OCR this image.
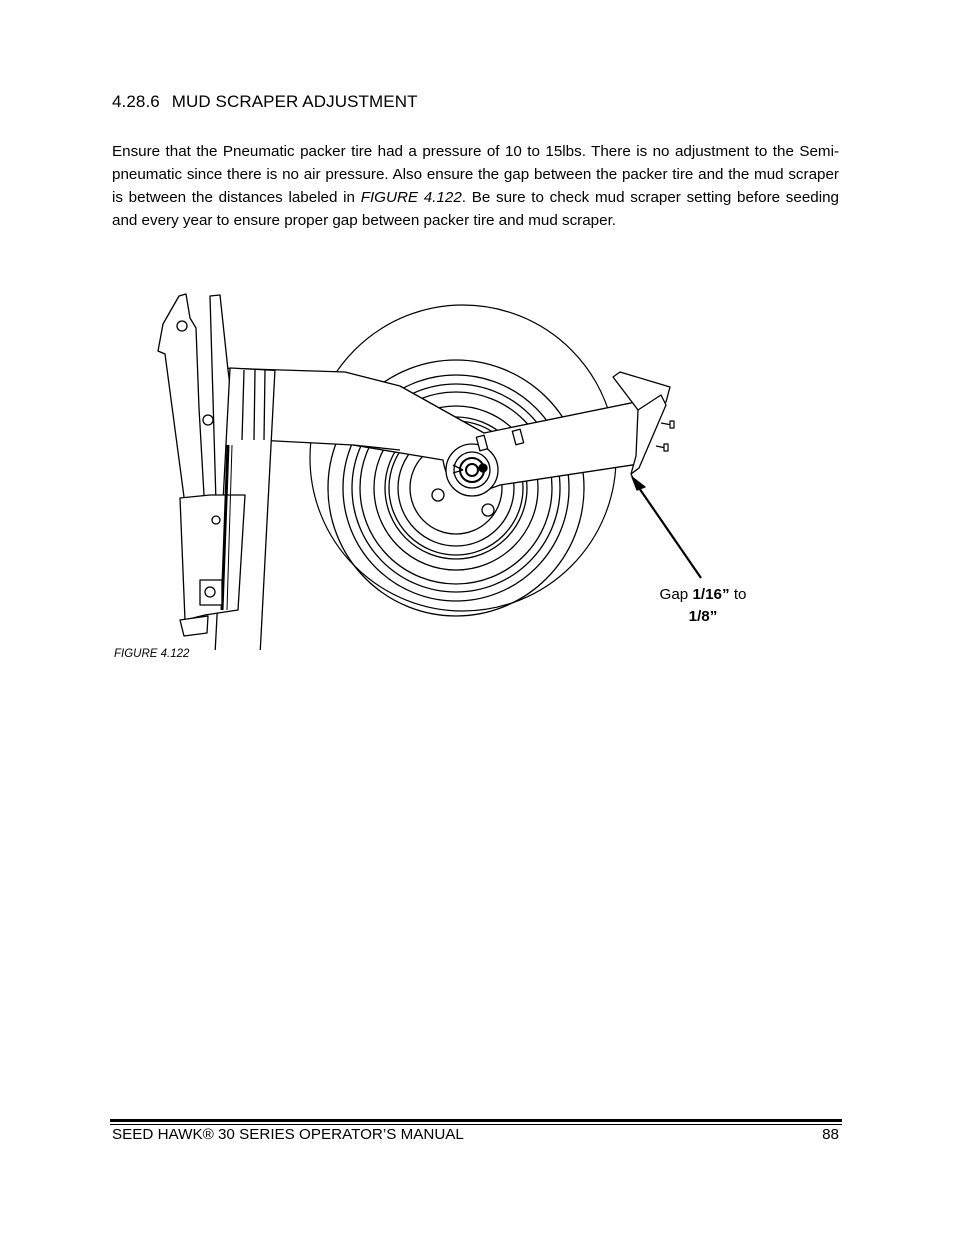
4.28.6 MUD SCRAPER ADJUSTMENT
Ensure that the Pneumatic packer tire had a pressure of 10 to 15lbs. There is no adjustment to the Semi-pneumatic since there is no air pressure. Also ensure the gap between the packer tire and the mud scraper is between the distances labeled in FIGURE 4.122. Be sure to check mud scraper setting before seeding and every year to ensure proper gap between packer tire and mud scraper.
Gap 1/16” to
1/8”
FIGURE 4.122
SEED HAWK® 30 SERIES OPERATOR’S MANUAL	88
